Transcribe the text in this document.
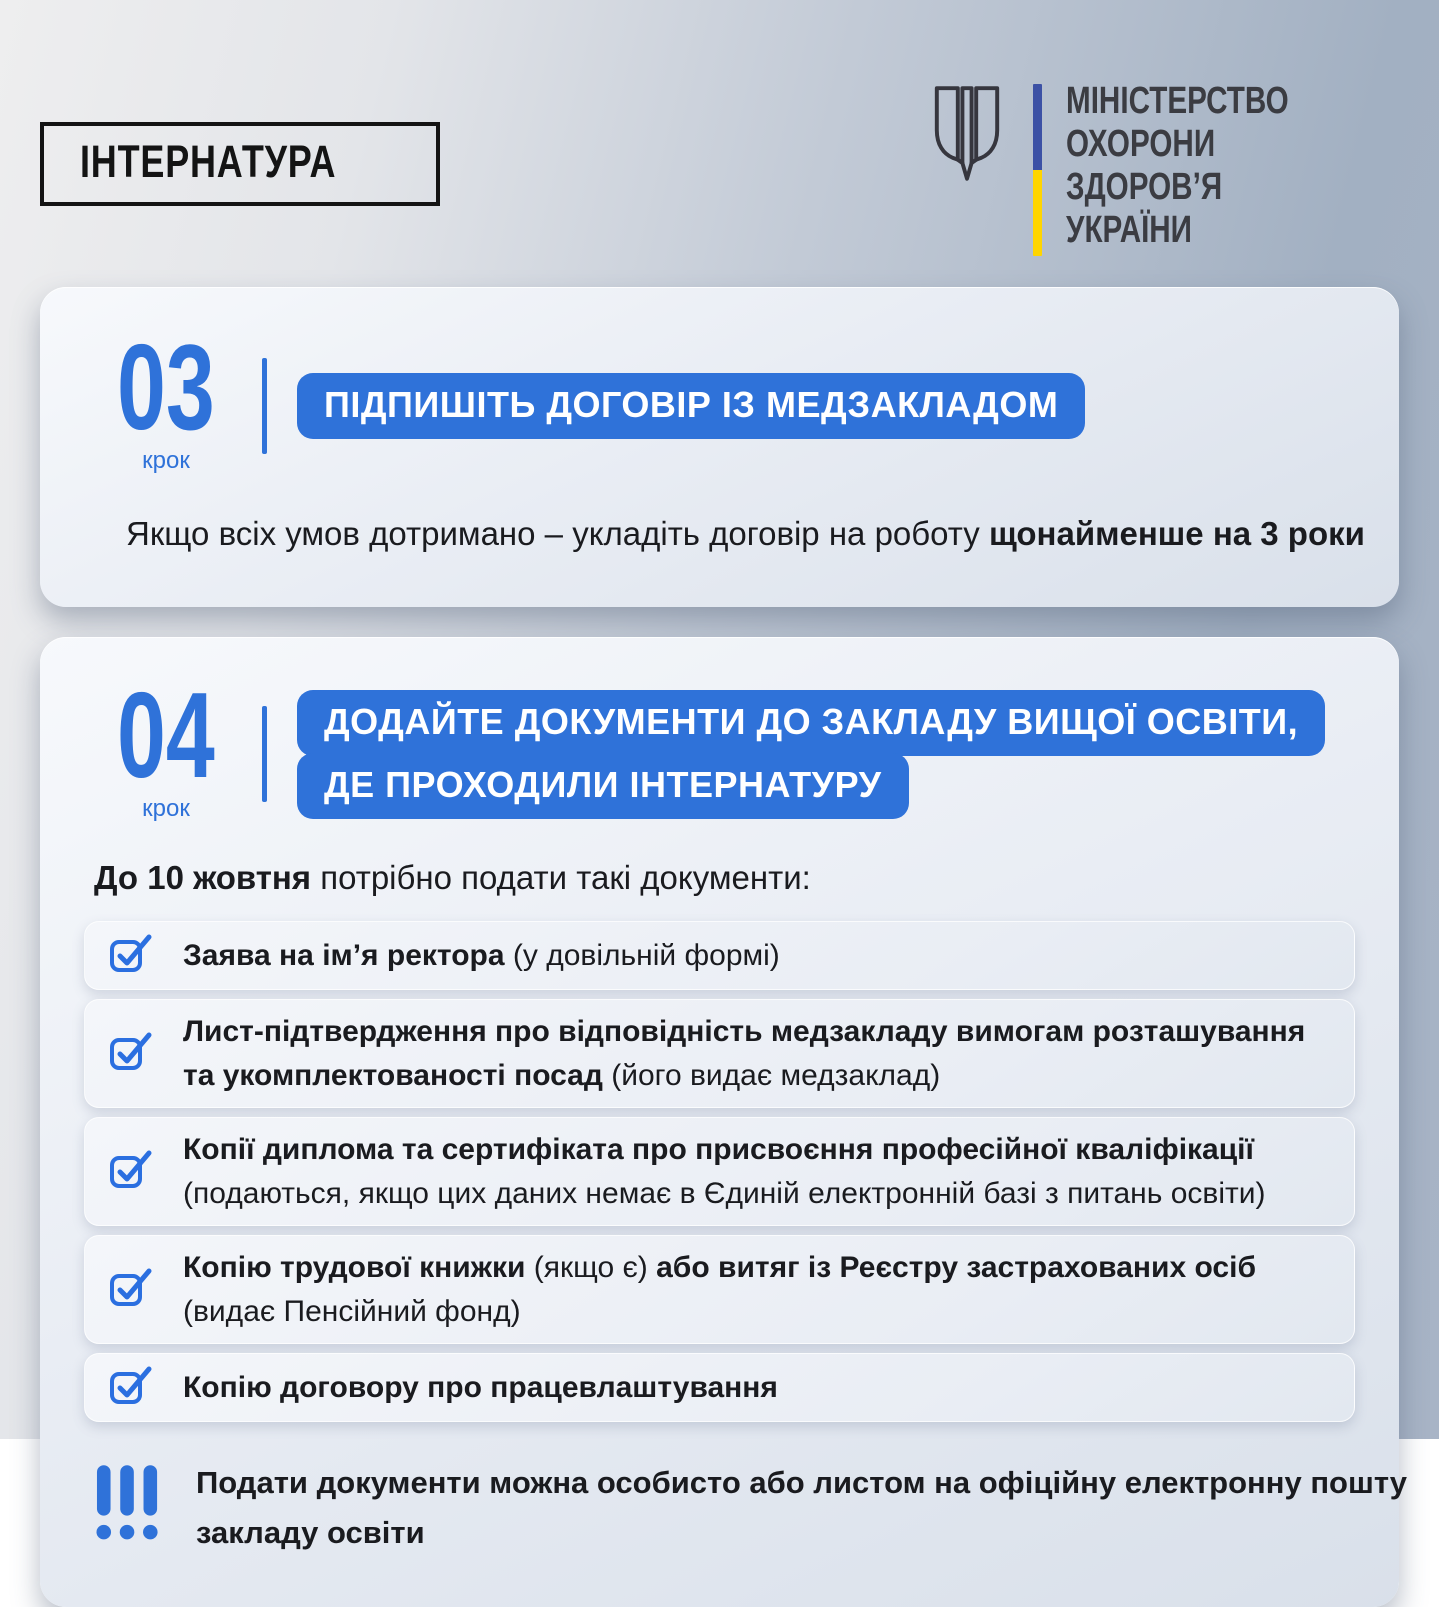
ІНТЕРНАТУРА
МІНІСТЕРСТВО
ОХОРОНИ
ЗДОРОВ’Я
УКРАЇНИ
03
крок
ПІДПИШІТЬ ДОГОВІР ІЗ МЕДЗАКЛАДОМ
Якщо всіх умов дотримано – укладіть договір на роботу щонайменше на 3 роки
04
крок
ДОДАЙТЕ ДОКУМЕНТИ ДО ЗАКЛАДУ ВИЩОЇ ОСВІТИ,
ДЕ ПРОХОДИЛИ ІНТЕРНАТУРУ
До 10 жовтня потрібно подати такі документи:
Заява на ім’я ректора (у довільній формі)
Лист-підтвердження про відповідність медзакладу вимогам розташування
та укомплектованості посад (його видає медзаклад)
Копії диплома та сертифіката про присвоєння професійної кваліфікації
(подаються, якщо цих даних немає в Єдиній електронній базі з питань освіти)
Копію трудової книжки (якщо є) або витяг із Реєстру застрахованих осіб
(видає Пенсійний фонд)
Копію договору про працевлаштування
Подати документи можна особисто або листом на офіційну електронну пошту
закладу освіти
